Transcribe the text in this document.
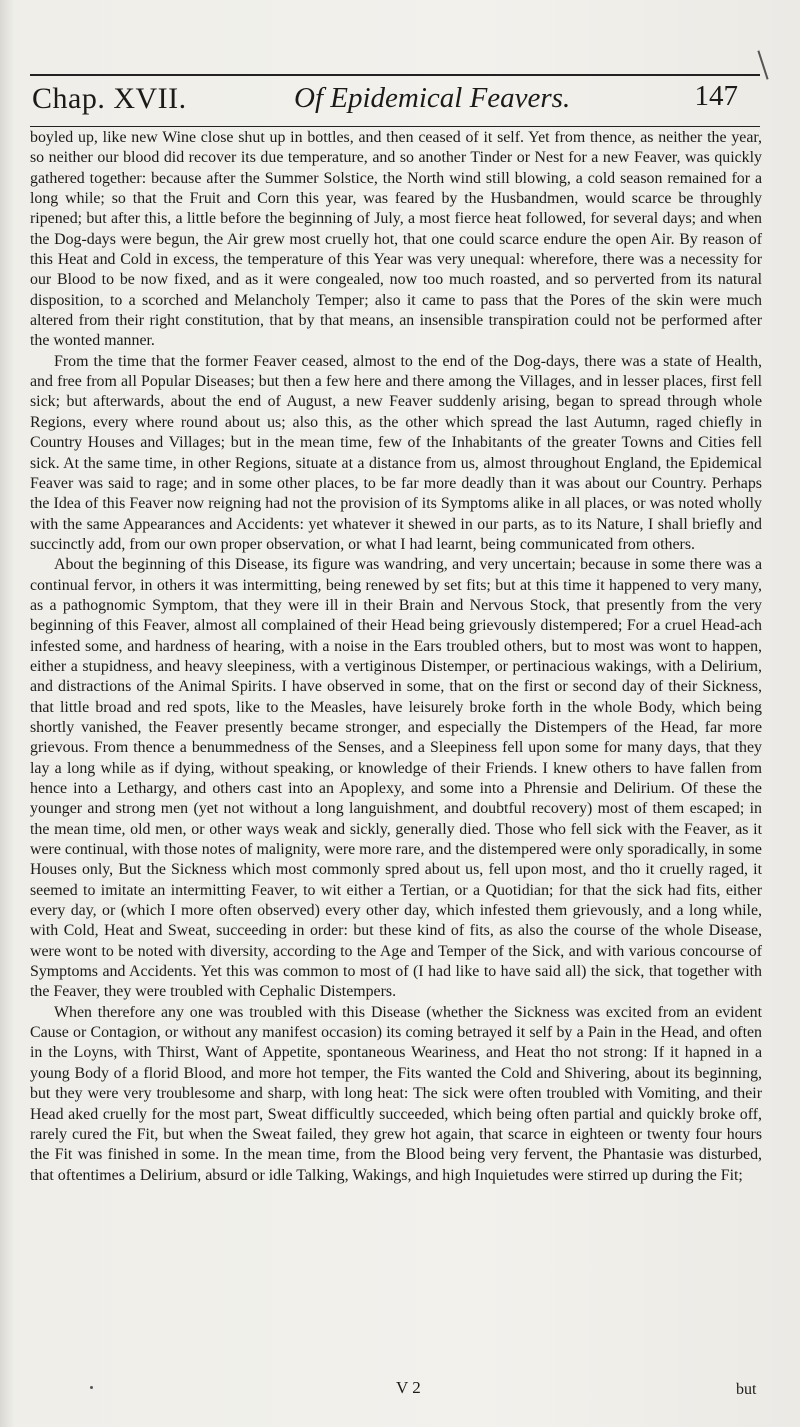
Chap. XVII.	Of Epidemical Feavers.	147

boyled up, like new Wine close shut up in bottles, and then ceased of it self. Yet from thence, as neither the year, so neither our blood did recover its due temperature, and so another Tinder or Nest for a new Feaver, was quickly gathered together: because after the Summer Solstice, the North wind still blowing, a cold season remained for a long while; so that the Fruit and Corn this year, was feared by the Husbandmen, would scarce be throughly ripened; but after this, a little before the beginning of July, a most fierce heat followed, for several days; and when the Dog-days were begun, the Air grew most cruelly hot, that one could scarce endure the open Air. By reason of this Heat and Cold in excess, the temperature of this Year was very unequal: wherefore, there was a necessity for our Blood to be now fixed, and as it were congealed, now too much roasted, and so perverted from its natural disposition, to a scorched and Melancholy Temper; also it came to pass that the Pores of the skin were much altered from their right constitution, that by that means, an insensible transpiration could not be performed after the wonted manner.

From the time that the former Feaver ceased, almost to the end of the Dog-days, there was a state of Health, and free from all Popular Diseases; but then a few here and there among the Villages, and in lesser places, first fell sick; but afterwards, about the end of August, a new Feaver suddenly arising, began to spread through whole Regions, every where round about us; also this, as the other which spread the last Autumn, raged chiefly in Country Houses and Villages; but in the mean time, few of the Inhabitants of the greater Towns and Cities fell sick. At the same time, in other Regions, situate at a distance from us, almost throughout England, the Epidemical Feaver was said to rage; and in some other places, to be far more deadly than it was about our Country. Perhaps the Idea of this Feaver now reigning had not the provision of its Symptoms alike in all places, or was noted wholly with the same Appearances and Accidents: yet whatever it shewed in our parts, as to its Nature, I shall briefly and succinctly add, from our own proper observation, or what I had learnt, being communicated from others.

About the beginning of this Disease, its figure was wandring, and very uncertain; because in some there was a continual fervor, in others it was intermitting, being renewed by set fits; but at this time it happened to very many, as a pathognomic Symptom, that they were ill in their Brain and Nervous Stock, that presently from the very beginning of this Feaver, almost all complained of their Head being grievously distempered; For a cruel Head-ach infested some, and hardness of hearing, with a noise in the Ears troubled others, but to most was wont to happen, either a stupidness, and heavy sleepiness, with a vertiginous Distemper, or pertinacious wakings, with a Delirium, and distractions of the Animal Spirits. I have observed in some, that on the first or second day of their Sickness, that little broad and red spots, like to the Measles, have leisurely broke forth in the whole Body, which being shortly vanished, the Feaver presently became stronger, and especially the Distempers of the Head, far more grievous. From thence a benummedness of the Senses, and a Sleepiness fell upon some for many days, that they lay a long while as if dying, without speaking, or knowledge of their Friends. I knew others to have fallen from hence into a Lethargy, and others cast into an Apoplexy, and some into a Phrensie and Delirium. Of these the younger and strong men (yet not without a long languishment, and doubtful recovery) most of them escaped; in the mean time, old men, or other ways weak and sickly, generally died. Those who fell sick with the Feaver, as it were continual, with those notes of malignity, were more rare, and the distempered were only sporadically, in some Houses only, But the Sickness which most commonly spred about us, fell upon most, and tho it cruelly raged, it seemed to imitate an intermitting Feaver, to wit either a Tertian, or a Quotidian; for that the sick had fits, either every day, or (which I more often observed) every other day, which infested them grievously, and a long while, with Cold, Heat and Sweat, succeeding in order: but these kind of fits, as also the course of the whole Disease, were wont to be noted with diversity, according to the Age and Temper of the Sick, and with various concourse of Symptoms and Accidents. Yet this was common to most of (I had like to have said all) the sick, that together with the Feaver, they were troubled with Cephalic Distempers.

When therefore any one was troubled with this Disease (whether the Sickness was excited from an evident Cause or Contagion, or without any manifest occasion) its coming betrayed it self by a Pain in the Head, and often in the Loyns, with Thirst, Want of Appetite, spontaneous Weariness, and Heat tho not strong: If it hapned in a young Body of a florid Blood, and more hot temper, the Fits wanted the Cold and Shivering, about its beginning, but they were very troublesome and sharp, with long heat: The sick were often troubled with Vomiting, and their Head aked cruelly for the most part, Sweat difficultly succeeded, which being often partial and quickly broke off, rarely cured the Fit, but when the Sweat failed, they grew hot again, that scarce in eighteen or twenty four hours the Fit was finished in some. In the mean time, from the Blood being very fervent, the Phantasie was disturbed, that oftentimes a Delirium, absurd or idle Talking, Wakings, and high Inquietudes were stirred up during the Fit;

V 2	but
